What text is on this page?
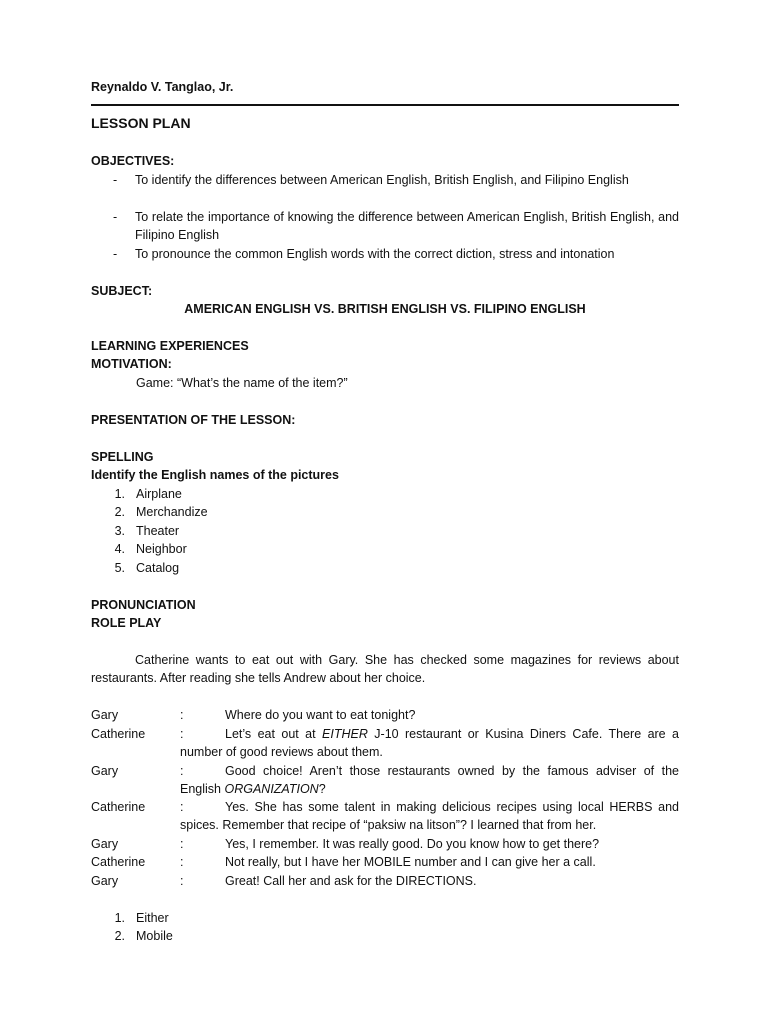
Reynaldo V. Tanglao, Jr.
LESSON PLAN
OBJECTIVES:
- To identify the differences between American English, British English, and Filipino English
- To relate the importance of knowing the difference between American English, British English, and Filipino English
- To pronounce the common English words with the correct diction, stress and intonation
SUBJECT:
AMERICAN ENGLISH VS. BRITISH ENGLISH VS. FILIPINO ENGLISH
LEARNING EXPERIENCES
MOTIVATION:
Game: “What’s the name of the item?”
PRESENTATION OF THE LESSON:
SPELLING
Identify the English names of the pictures
1. Airplane
2. Merchandize
3. Theater
4. Neighbor
5. Catalog
PRONUNCIATION
ROLE PLAY
Catherine wants to eat out with Gary. She has checked some magazines for reviews about restaurants. After reading she tells Andrew about her choice.
Gary	:	Where do you want to eat tonight?
Catherine	:	Let’s eat out at EITHER J-10 restaurant or Kusina Diners Cafe. There are a number of good reviews about them.
Gary	:	Good choice! Aren’t those restaurants owned by the famous adviser of the English ORGANIZATION?
Catherine	:	Yes. She has some talent in making delicious recipes using local HERBS and spices. Remember that recipe of “paksiw na litson”? I learned that from her.
Gary	:	Yes, I remember. It was really good. Do you know how to get there?
Catherine	:	Not really, but I have her MOBILE number and I can give her a call.
Gary	:	Great! Call her and ask for the DIRECTIONS.
1. Either
2. Mobile
